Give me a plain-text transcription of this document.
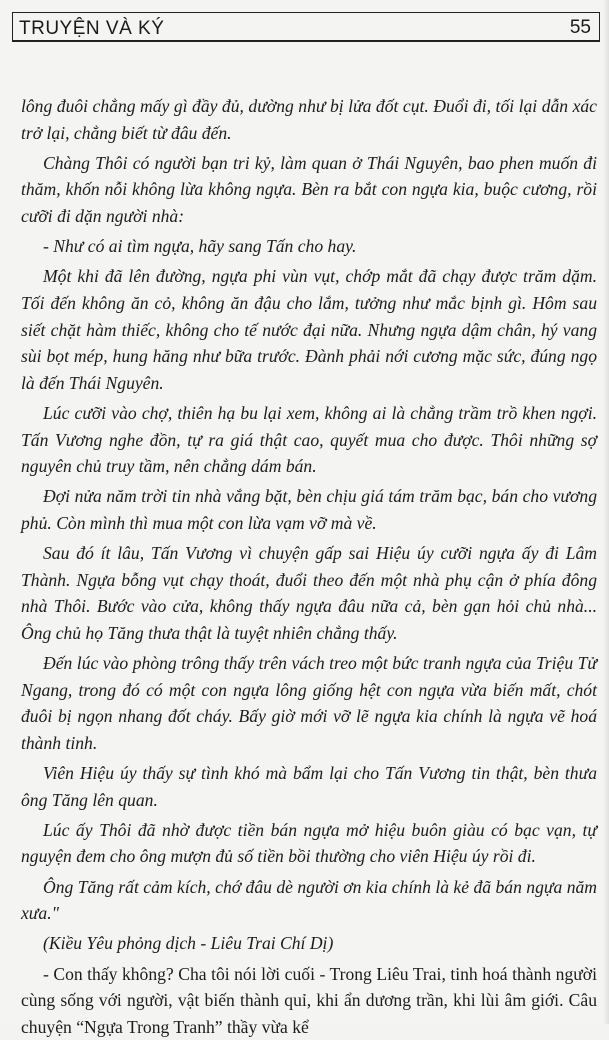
TRUYỆN VÀ KÝ	55

lông đuôi chẳng mấy gì đầy đủ, dường như bị lửa đốt cụt. Đuổi đi, tối lại dẫn xác trở lại, chẳng biết từ đâu đến.

Chàng Thôi có người bạn tri kỷ, làm quan ở Thái Nguyên, bao phen muốn đi thăm, khốn nỗi không lừa không ngựa. Bèn ra bắt con ngựa kia, buộc cương, rồi cưỡi đi dặn người nhà:

- Như có ai tìm ngựa, hãy sang Tấn cho hay.

Một khi đã lên đường, ngựa phi vùn vụt, chớp mắt đã chạy được trăm dặm. Tối đến không ăn cỏ, không ăn đậu cho lắm, tưởng như mắc bịnh gì. Hôm sau siết chặt hàm thiếc, không cho tế nước đại nữa. Nhưng ngựa dậm chân, hý vang sùi bọt mép, hung hăng như bữa trước. Đành phải nới cương mặc sức, đúng ngọ là đến Thái Nguyên.

Lúc cưỡi vào chợ, thiên hạ bu lại xem, không ai là chẳng trầm trồ khen ngợi. Tấn Vương nghe đồn, tự ra giá thật cao, quyết mua cho được. Thôi những sợ nguyên chủ truy tầm, nên chẳng dám bán.

Đợi nửa năm trời tin nhà vắng bặt, bèn chịu giá tám trăm bạc, bán cho vương phủ. Còn mình thì mua một con lừa vạm vỡ mà về.

Sau đó ít lâu, Tấn Vương vì chuyện gấp sai Hiệu úy cưỡi ngựa ấy đi Lâm Thành. Ngựa bỗng vụt chạy thoát, đuổi theo đến một nhà phụ cận ở phía đông nhà Thôi. Bước vào cửa, không thấy ngựa đâu nữa cả, bèn gạn hỏi chủ nhà... Ông chủ họ Tăng thưa thật là tuyệt nhiên chẳng thấy.

Đến lúc vào phòng trông thấy trên vách treo một bức tranh ngựa của Triệu Tử Ngang, trong đó có một con ngựa lông giống hệt con ngựa vừa biến mất, chót đuôi bị ngọn nhang đốt cháy. Bấy giờ mới vỡ lẽ ngựa kia chính là ngựa vẽ hoá thành tinh.

Viên Hiệu úy thấy sự tình khó mà bẩm lại cho Tấn Vương tin thật, bèn thưa ông Tăng lên quan.

Lúc ấy Thôi đã nhờ được tiền bán ngựa mở hiệu buôn giàu có bạc vạn, tự nguyện đem cho ông mượn đủ số tiền bồi thường cho viên Hiệu úy rồi đi.

Ông Tăng rất cảm kích, chớ đâu dè người ơn kia chính là kẻ đã bán ngựa năm xưa."

(Kiều Yêu phỏng dịch - Liêu Trai Chí Dị)

- Con thấy không? Cha tôi nói lời cuối - Trong Liêu Trai, tinh hoá thành người cùng sống với người, vật biến thành quỉ, khi ẩn dương trần, khi lùi âm giới. Câu chuyện “Ngựa Trong Tranh” thầy vừa kể
